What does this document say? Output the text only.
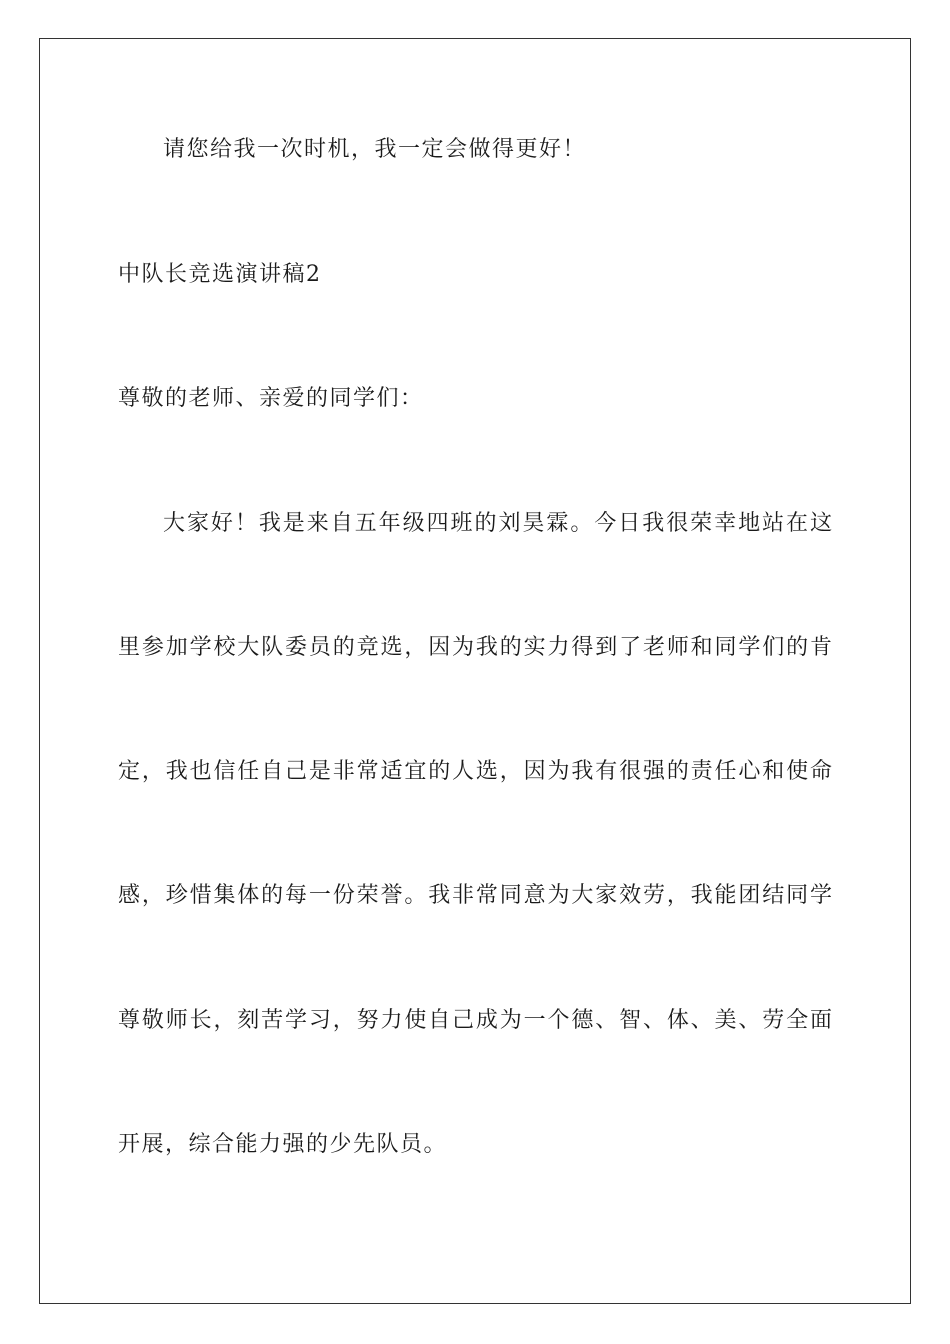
请您给我一次时机，我一定会做得更好！
中队长竞选演讲稿2
尊敬的老师、亲爱的同学们：
大家好！我是来自五年级四班的刘昊霖。今日我很荣幸地站在这
里参加学校大队委员的竞选，因为我的实力得到了老师和同学们的肯
定，我也信任自己是非常适宜的人选，因为我有很强的责任心和使命
感，珍惜集体的每一份荣誉。我非常同意为大家效劳，我能团结同学
尊敬师长，刻苦学习，努力使自己成为一个德、智、体、美、劳全面
开展，综合能力强的少先队员。
